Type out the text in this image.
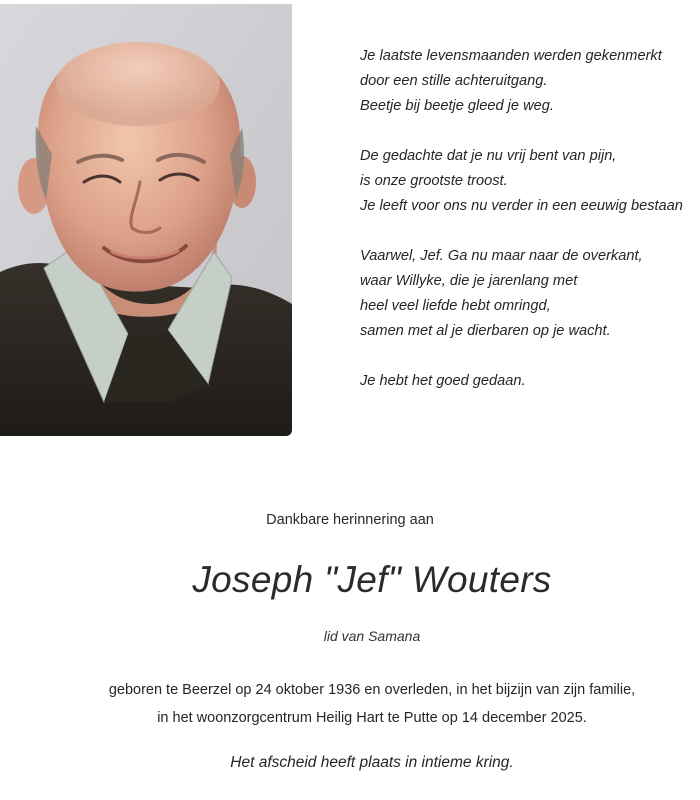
Je laatste levensmaanden werden gekenmerkt
door een stille achteruitgang.
Beetje bij beetje gleed je weg.
De gedachte dat je nu vrij bent van pijn,
is onze grootste troost.
Je leeft voor ons nu verder in een eeuwig bestaan
Vaarwel, Jef. Ga nu maar naar de overkant,
waar Willyke, die je jarenlang met
heel veel liefde hebt omringd,
samen met al je dierbaren op je wacht.
Je hebt het goed gedaan.
Dankbare herinnering aan
Joseph "Jef" Wouters
lid van Samana
geboren te Beerzel op 24 oktober 1936 en overleden, in het bijzijn van zijn familie,
in het woonzorgcentrum Heilig Hart te Putte op 14 december 2025.
Het afscheid heeft plaats in intieme kring.
